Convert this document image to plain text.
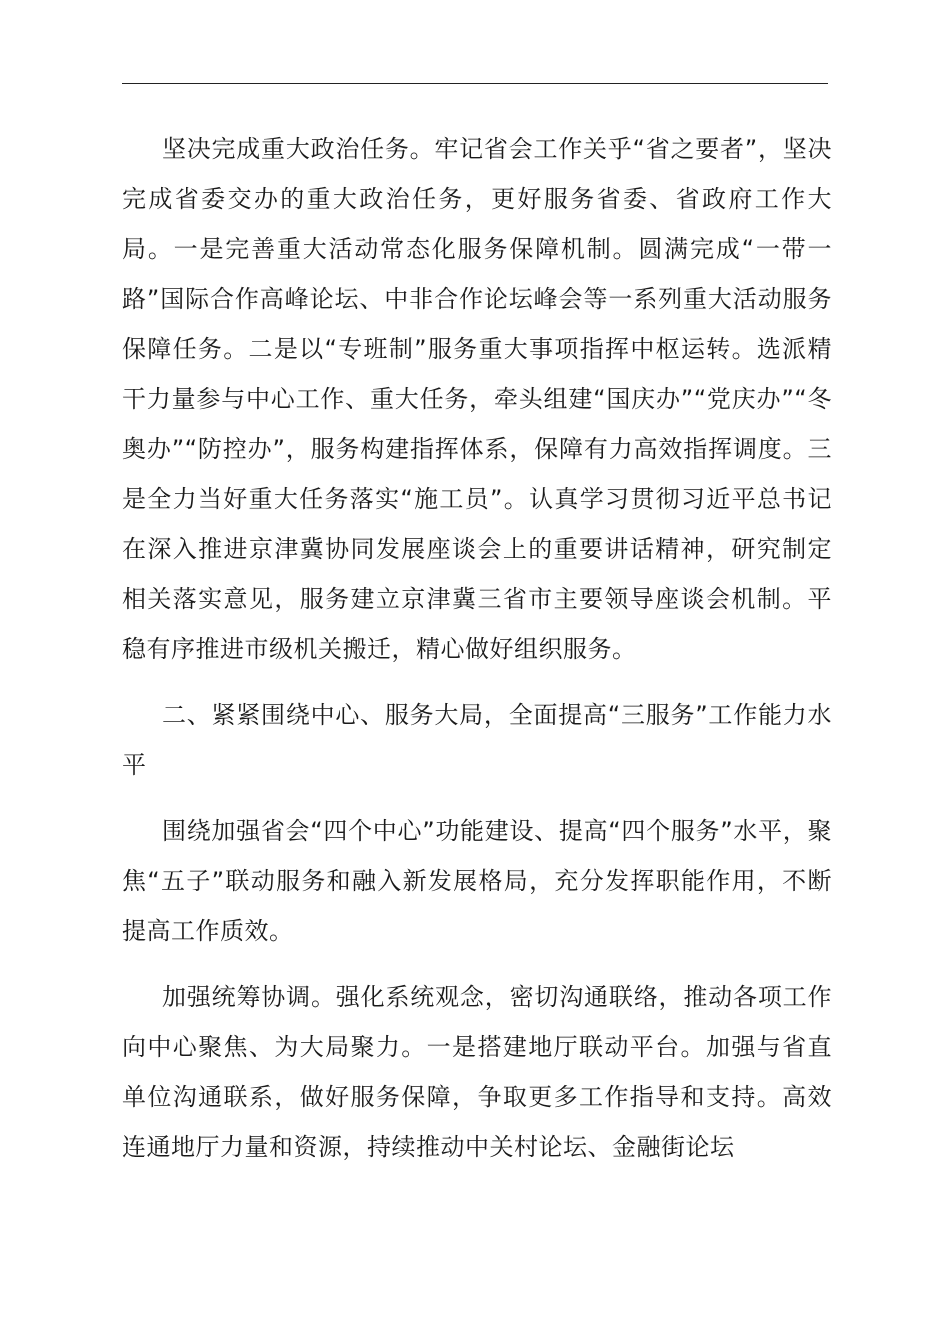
坚决完成重大政治任务。牢记省会工作关乎“省之要者”，坚决完成省委交办的重大政治任务，更好服务省委、省政府工作大局。一是完善重大活动常态化服务保障机制。圆满完成“一带一路”国际合作高峰论坛、中非合作论坛峰会等一系列重大活动服务保障任务。二是以“专班制”服务重大事项指挥中枢运转。选派精干力量参与中心工作、重大任务，牵头组建“国庆办”“党庆办”“冬奥办”“防控办”，服务构建指挥体系，保障有力高效指挥调度。三是全力当好重大任务落实“施工员”。认真学习贯彻习近平总书记在深入推进京津冀协同发展座谈会上的重要讲话精神，研究制定相关落实意见，服务建立京津冀三省市主要领导座谈会机制。平稳有序推进市级机关搬迁，精心做好组织服务。

二、紧紧围绕中心、服务大局，全面提高“三服务”工作能力水平

围绕加强省会“四个中心”功能建设、提高“四个服务”水平，聚焦“五子”联动服务和融入新发展格局，充分发挥职能作用，不断提高工作质效。

加强统筹协调。强化系统观念，密切沟通联络，推动各项工作向中心聚焦、为大局聚力。一是搭建地厅联动平台。加强与省直单位沟通联系，做好服务保障，争取更多工作指导和支持。高效连通地厅力量和资源，持续推动中关村论坛、金融街论坛
